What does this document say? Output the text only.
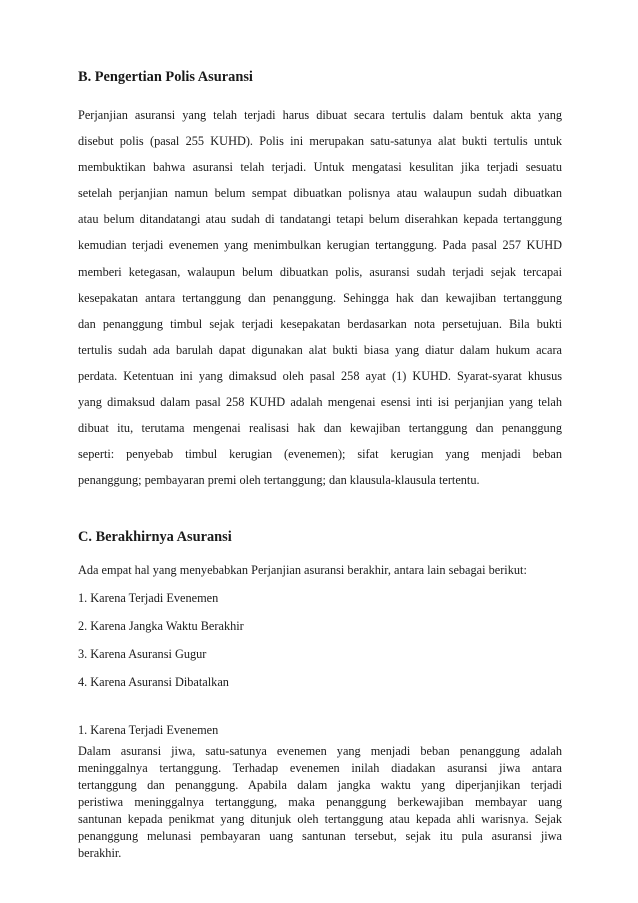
B. Pengertian Polis Asuransi
Perjanjian asuransi yang telah terjadi harus dibuat secara tertulis dalam bentuk akta yang
disebut polis (pasal 255 KUHD). Polis ini merupakan satu-satunya alat bukti tertulis untuk
membuktikan bahwa asuransi telah terjadi. Untuk mengatasi kesulitan jika terjadi sesuatu
setelah perjanjian namun belum sempat dibuatkan polisnya atau walaupun sudah dibuatkan
atau belum ditandatangi atau sudah di tandatangi tetapi belum diserahkan kepada tertanggung
kemudian terjadi evenemen yang menimbulkan kerugian tertanggung. Pada pasal 257 KUHD
memberi ketegasan, walaupun belum dibuatkan polis, asuransi sudah terjadi sejak tercapai
kesepakatan antara tertanggung dan penanggung. Sehingga hak dan kewajiban tertanggung
dan penanggung timbul sejak terjadi kesepakatan berdasarkan nota persetujuan. Bila bukti
tertulis sudah ada barulah dapat digunakan alat bukti biasa yang diatur dalam hukum acara
perdata. Ketentuan ini yang dimaksud oleh pasal 258 ayat (1) KUHD. Syarat-syarat khusus
yang dimaksud dalam pasal 258 KUHD adalah mengenai esensi inti isi perjanjian yang telah
dibuat itu, terutama mengenai realisasi hak dan kewajiban tertanggung dan penanggung
seperti: penyebab timbul kerugian (evenemen); sifat kerugian yang menjadi beban
penanggung; pembayaran premi oleh tertanggung; dan klausula-klausula tertentu.
C. Berakhirnya Asuransi

Ada empat hal yang menyebabkan Perjanjian asuransi berakhir, antara lain sebagai berikut:

1. Karena Terjadi Evenemen

2. Karena Jangka Waktu Berakhir

3. Karena Asuransi Gugur

4. Karena Asuransi Dibatalkan

1. Karena Terjadi Evenemen

Dalam asuransi jiwa, satu-satunya evenemen yang menjadi beban penanggung adalah
meninggalnya tertanggung. Terhadap evenemen inilah diadakan asuransi jiwa antara
tertanggung dan penanggung. Apabila dalam jangka waktu yang diperjanjikan terjadi
peristiwa meninggalnya tertanggung, maka penanggung berkewajiban membayar uang
santunan kepada penikmat yang ditunjuk oleh tertanggung atau kepada ahli warisnya. Sejak
penanggung melunasi pembayaran uang santunan tersebut, sejak itu pula asuransi jiwa
berakhir.
